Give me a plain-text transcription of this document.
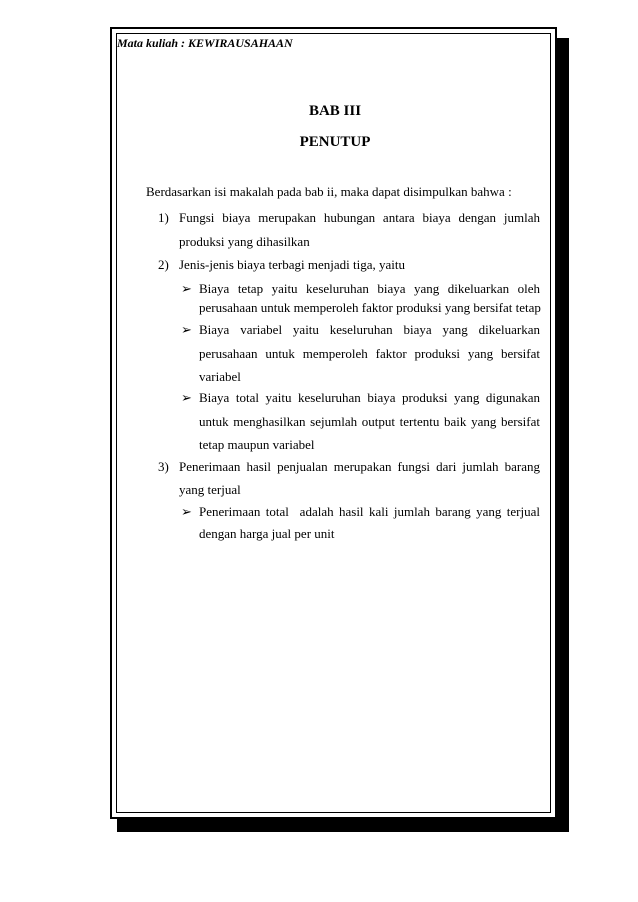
Mata kuliah : KEWIRAUSAHAAN
BAB III
PENUTUP
Berdasarkan isi makalah pada bab ii, maka dapat disimpulkan bahwa :
1) Fungsi biaya merupakan hubungan antara biaya dengan jumlah
produksi yang dihasilkan
2) Jenis-jenis biaya terbagi menjadi tiga, yaitu
➢ Biaya tetap yaitu keseluruhan biaya yang dikeluarkan oleh
perusahaan untuk memperoleh faktor produksi yang bersifat tetap
➢ Biaya variabel yaitu keseluruhan biaya yang dikeluarkan
perusahaan untuk memperoleh faktor produksi yang bersifat
variabel
➢ Biaya total yaitu keseluruhan biaya produksi yang digunakan
untuk menghasilkan sejumlah output tertentu baik yang bersifat
tetap maupun variabel
3) Penerimaan hasil penjualan merupakan fungsi dari jumlah barang
yang terjual
➢ Penerimaan total  adalah hasil kali jumlah barang yang terjual
dengan harga jual per unit
